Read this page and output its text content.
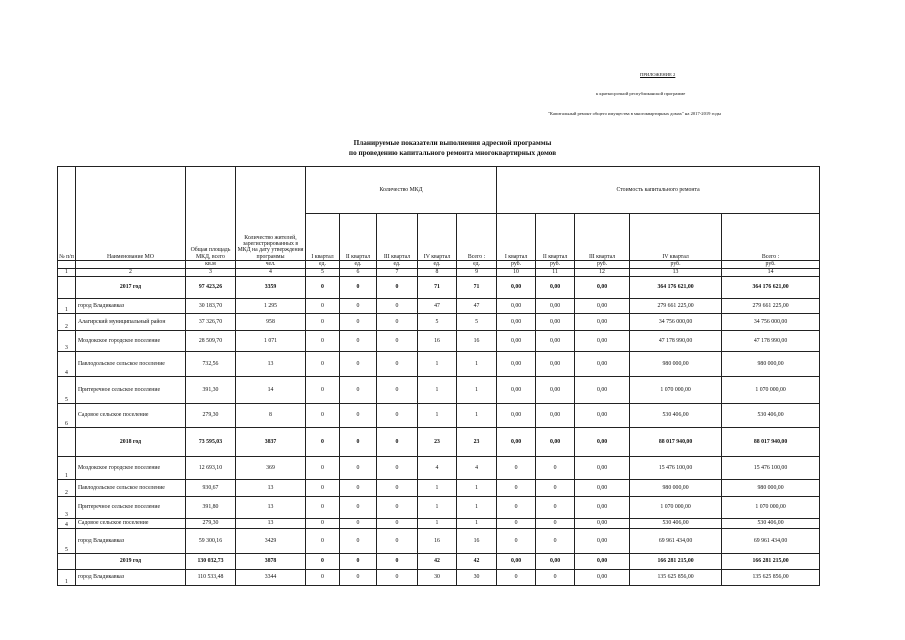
ПРИЛОЖЕНИЕ 2
к краткосрочной республиканской программе
"Капитальный ремонт общего имущества в многоквартирных домах" на 2017-2019 годы
Планируемые показатели выполнения адресной программы
по проведению капитального ремонта многоквартирных домов
№ п/п	Наименование МО	Общая площадь МКД, всего	Количество жителей, зарегистрированных в МКД на дату утверждения программы	Количество МКД					Стоимость капитального ремонта				
				I квартал	II квартал	III квартал	IV квартал	Всего :	I квартал	II квартал	III квартал	IV квартал	Всего :
		кв.м	чел.	ед.	ед.	ед.	ед.	ед.	руб.	руб.	руб.	руб.	руб.
1	2	3	4	5	6	7	8	9	10	11	12	13	14
	2017 год	97 423,26	3359	0	0	0	71	71	0,00	0,00	0,00	364 176 621,00	364 176 621,00
1	город Владикавказ	30 183,70	1 295	0	0	0	47	47	0,00	0,00	0,00	279 661 225,00	279 661 225,00
2	Алагирский муниципальный район	37 326,70	958	0	0	0	5	5	0,00	0,00	0,00	34 756 000,00	34 756 000,00
3	Моздокское городское поселение	28 509,70	1 071	0	0	0	16	16	0,00	0,00	0,00	47 178 990,00	47 178 990,00
4	Павлодольское сельское поселение	732,56	13	0	0	0	1	1	0,00	0,00	0,00	980 000,00	980 000,00
5	Притеречное сельское поселение	391,30	14	0	0	0	1	1	0,00	0,00	0,00	1 070 000,00	1 070 000,00
6	Садовое сельское поселение	279,30	8	0	0	0	1	1	0,00	0,00	0,00	530 406,00	530 406,00
	2018 год	73 595,03	3837	0	0	0	23	23	0,00	0,00	0,00	88 017 940,00	88 017 940,00
1	Моздокское городское поселение	12 693,10	369	0	0	0	4	4	0	0	0,00	15 476 100,00	15 476 100,00
2	Павлодольское сельское поселение	930,67	13	0	0	0	1	1	0	0	0,00	980 000,00	980 000,00
3	Притеречное сельское поселение	391,80	13	0	0	0	1	1	0	0	0,00	1 070 000,00	1 070 000,00
4	Садовое сельское поселение	279,30	13	0	0	0	1	1	0	0	0,00	530 406,00	530 406,00
5	город Владикавказ	59 300,16	3429	0	0	0	16	16	0	0	0,00	69 961 434,00	69 961 434,00
	2019 год	130 032,73	3878	0	0	0	42	42	0,00	0,00	0,00	166 281 215,00	166 281 215,00
1	город Владикавказ	110 533,48	3344	0	0	0	30	30	0	0	0,00	135 625 856,00	135 625 856,00
